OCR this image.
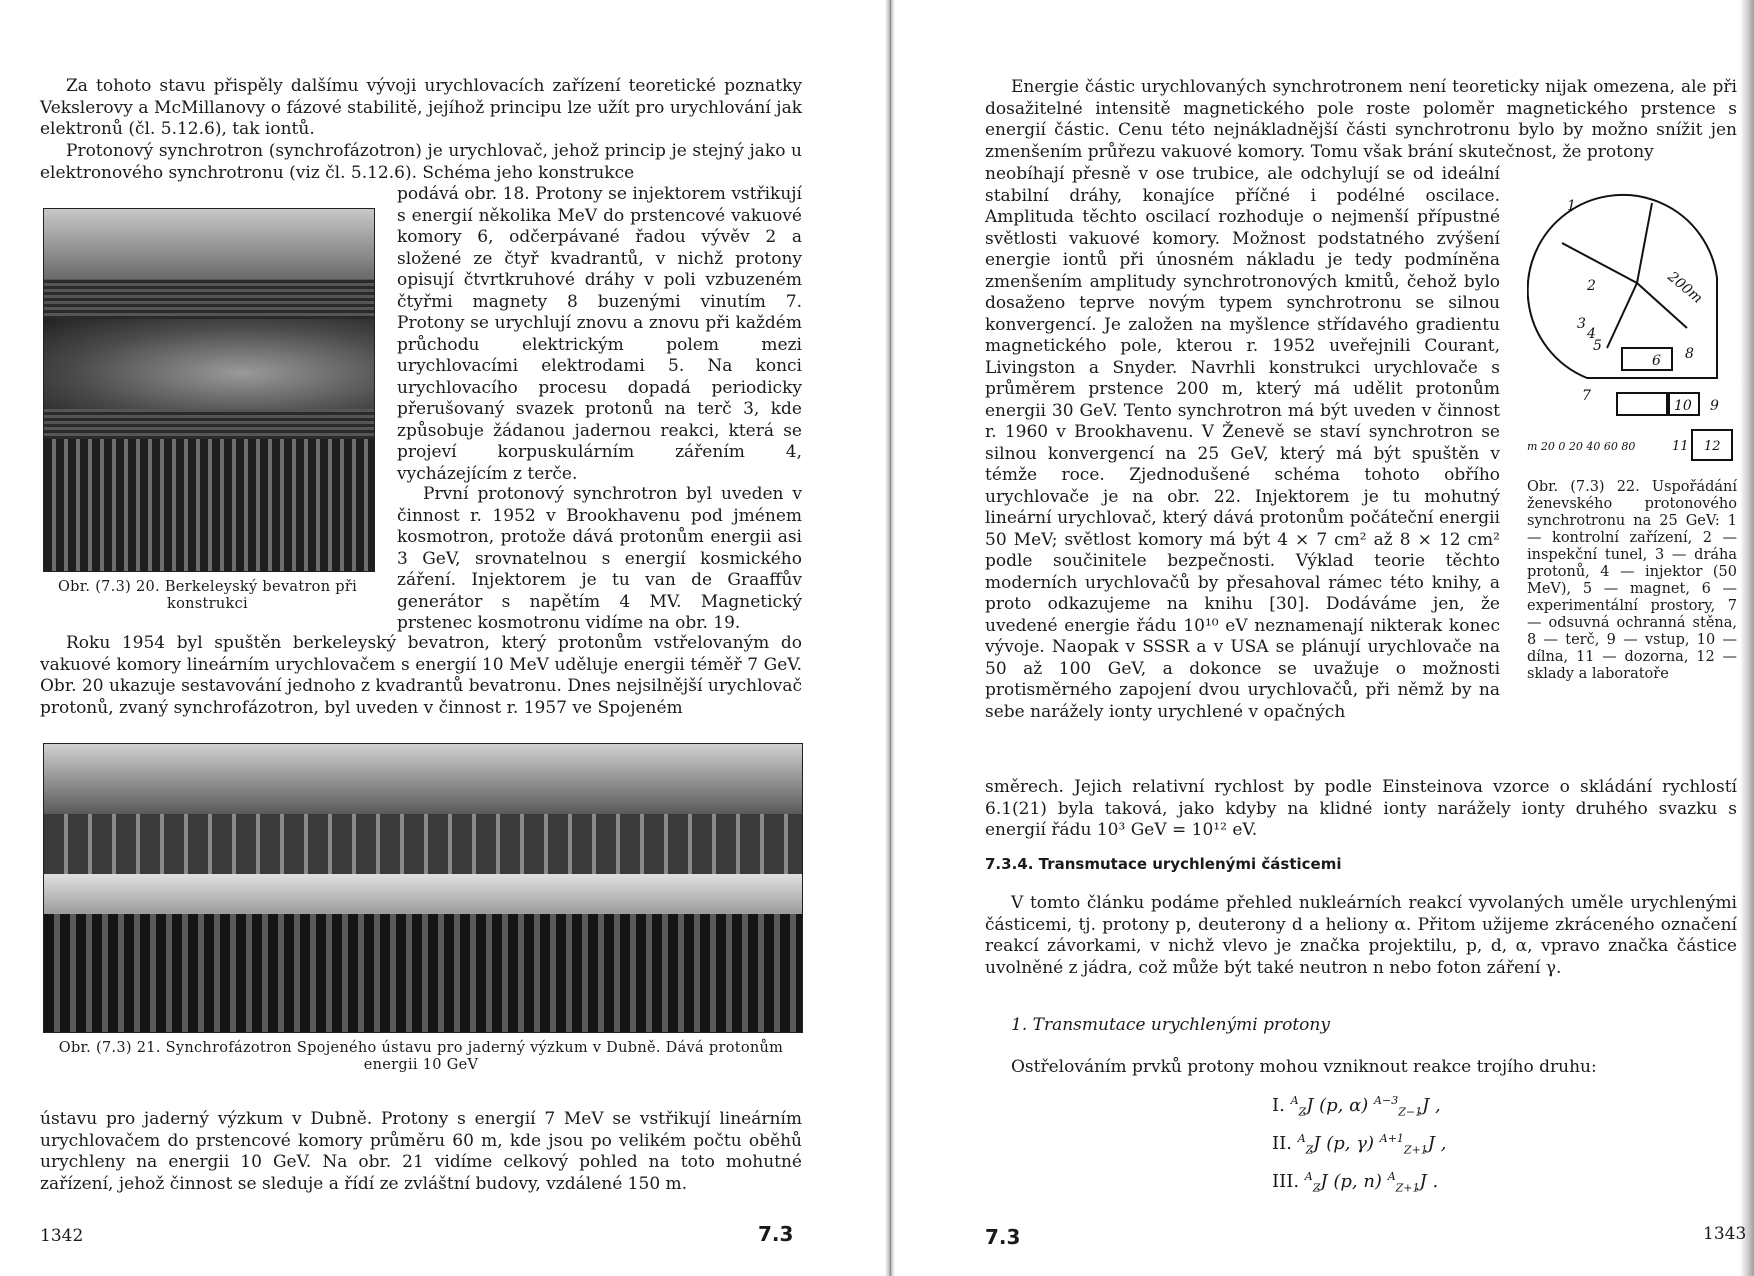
Za tohoto stavu přispěly dalšímu vývoji urychlovacích zařízení teoretické poznatky Vekslerovy a McMillanovy o fázové stabilitě, jejíhož principu lze užít pro urychlování jak elektronů (čl. 5.12.6), tak iontů.

Protonový synchrotron (synchrofázotron) je urychlovač, jehož princip je stejný jako u elektronového synchrotronu (viz čl. 5.12.6). Schéma jeho konstrukce

Obr. (7.3) 20. Berkeleyský bevatron při konstrukci

podává obr. 18. Protony se injektorem vstřikují s energií několika MeV do prstencové vakuové komory 6, odčerpávané řadou vývěv 2 a složené ze čtyř kvadrantů, v nichž protony opisují čtvrtkruhové dráhy v poli vzbuzeném čtyřmi magnety 8 buzenými vinutím 7. Protony se urychlují znovu a znovu při každém průchodu elektrickým polem mezi urychlovacími elektrodami 5. Na konci urychlovacího procesu dopadá periodicky přerušovaný svazek protonů na terč 3, kde způsobuje žádanou jadernou reakci, která se projeví korpuskulárním zářením 4, vycházejícím z terče.

První protonový synchrotron byl uveden v činnost r. 1952 v Brookhavenu pod jménem kosmotron, protože dává protonům energii asi 3 GeV, srovnatelnou s energií kosmického záření. Injektorem je tu van de Graaffův generátor s napětím 4 MV. Magnetický prstenec kosmotronu vidíme na obr. 19.

Roku 1954 byl spuštěn berkeleyský bevatron, který protonům vstřelovaným do vakuové komory lineárním urychlovačem s energií 10 MeV uděluje energii téměř 7 GeV. Obr. 20 ukazuje sestavování jednoho z kvadrantů bevatronu. Dnes nejsilnější urychlovač protonů, zvaný synchrofázotron, byl uveden v činnost r. 1957 ve Spojeném

Obr. (7.3) 21. Synchrofázotron Spojeného ústavu pro jaderný výzkum v Dubně. Dává protonům energii 10 GeV

ústavu pro jaderný výzkum v Dubně. Protony s energií 7 MeV se vstřikují lineárním urychlovačem do prstencové komory průměru 60 m, kde jsou po velikém počtu oběhů urychleny na energii 10 GeV. Na obr. 21 vidíme celkový pohled na toto mohutné zařízení, jehož činnost se sleduje a řídí ze zvláštní budovy, vzdálené 150 m.

1342	7.3

Energie částic urychlovaných synchrotronem není teoreticky nijak omezena, ale při dosažitelné intensitě magnetického pole roste poloměr magnetického prstence s energií částic. Cenu této nejnákladnější části synchrotronu bylo by možno snížit jen zmenšením průřezu vakuové komory. Tomu však brání skutečnost, že protony

neobíhají přesně v ose trubice, ale odchylují se od ideální stabilní dráhy, konajíce příčné i podélné oscilace. Amplituda těchto oscilací rozhoduje o nejmenší přípustné světlosti vakuové komory. Možnost podstatného zvýšení energie iontů při únosném nákladu je tedy podmíněna zmenšením amplitudy synchrotronových kmitů, čehož bylo dosaženo teprve novým typem synchrotronu se silnou konvergencí. Je založen na myšlence střídavého gradientu magnetického pole, kterou r. 1952 uveřejnili Courant, Livingston a Snyder. Navrhli konstrukci urychlovače s průměrem prstence 200 m, který má udělit protonům energii 30 GeV. Tento synchrotron má být uveden v činnost r. 1960 v Brookhavenu. V Ženevě se staví synchrotron se silnou konvergencí na 25 GeV, který má být spuštěn v témže roce. Zjednodušené schéma tohoto obřího urychlovače je na obr. 22. Injektorem je tu mohutný lineární urychlovač, který dává protonům počáteční energii 50 MeV; světlost komory má být 4 × 7 cm² až 8 × 12 cm² podle součinitele bezpečnosti. Výklad teorie těchto moderních urychlovačů by přesahoval rámec této knihy, a proto odkazujeme na knihu [30]. Dodáváme jen, že uvedené energie řádu 10¹⁰ eV neznamenají nikterak konec vývoje. Naopak v SSSR a v USA se plánují urychlovače na 50 až 100 GeV, a dokonce se uvažuje o možnosti protisměrného zapojení dvou urychlovačů, při němž by na sebe narážely ionty urychlené v opačných

směrech. Jejich relativní rychlost by podle Einsteinova vzorce o skládání rychlostí 6.1(21) byla taková, jako kdyby na klidné ionty narážely ionty druhého svazku s energií řádu 10³ GeV = 10¹² eV.

1
2
3
4
5
6
7
8
10 9
11 12
200m
m 20 0 20 40 60 80
Obr. (7.3) 22. Uspořádání ženevského protonového synchrotronu na 25 GeV: 1 — kontrolní zařízení, 2 — inspekční tunel, 3 — dráha protonů, 4 — injektor (50 MeV), 5 — magnet, 6 — experimentální prostory, 7 — odsuvná ochranná stěna, 8 — terč, 9 — vstup, 10 — dílna, 11 — dozorna, 12 — sklady a laboratoře
7.3.4. Transmutace urychlenými částicemi

V tomto článku podáme přehled nukleárních reakcí vyvolaných uměle urychlenými částicemi, tj. protony p, deuterony d a heliony α. Přitom užijeme zkráceného označení reakcí závorkami, v nichž vlevo je značka projektilu, p, d, α, vpravo značka částice uvolněné z jádra, což může být také neutron n nebo foton záření γ.

1. Transmutace urychlenými protony

Ostřelováním prvků protony mohou vzniknout reakce trojího druhu:

I. $^A_Z$J (p, α) $^{A-3}_{Z-1}$J ,
II. $^A_Z$J (p, γ) $^{A+1}_{Z+1}$J ,
III. $^A_Z$J (p, n) $^A_{Z+1}$J .
7.3	1343
